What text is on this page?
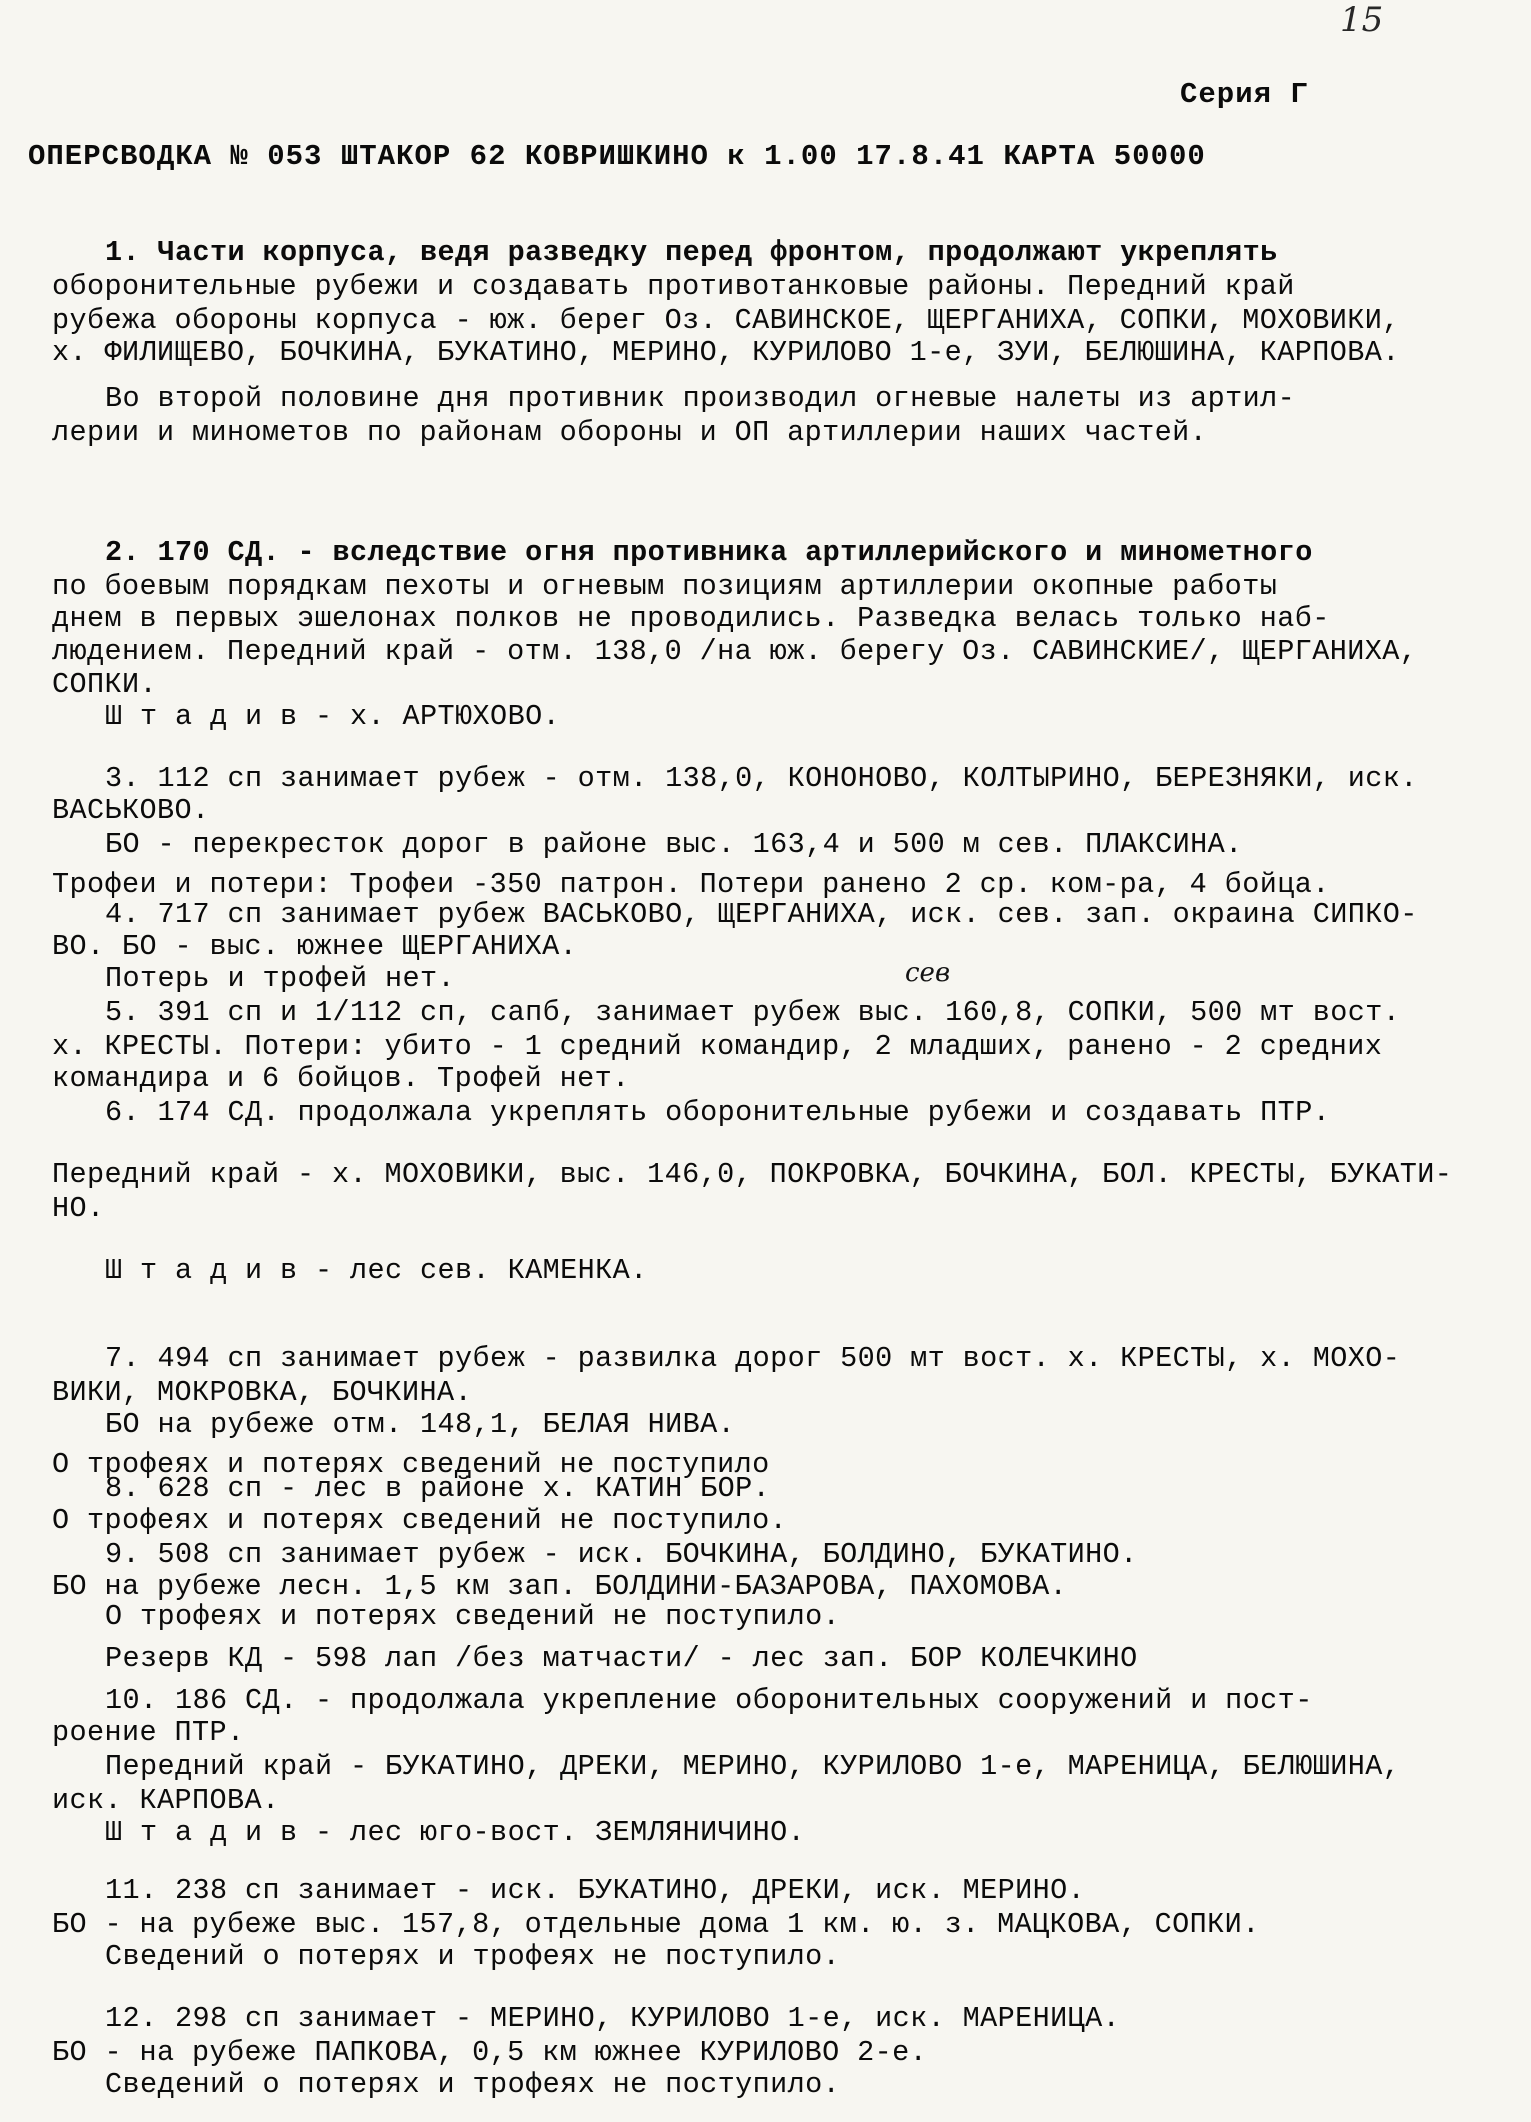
15
Серия Г
ОПЕРСВОДКА № 053 ШТАКОР 62 КОВРИШКИНО к 1.00 17.8.41 КАРТА 50000
сев
1. Части корпуса, ведя разведку перед фронтом, продолжают укреплять
оборонительные рубежи и создавать противотанковые районы. Передний край
рубежа обороны корпуса - юж. берег Оз. САВИНСКОЕ, ЩЕРГАНИХА, СОПКИ, МОХОВИКИ,
х. ФИЛИЩЕВО, БОЧКИНА, БУКАТИНО, МЕРИНО, КУРИЛОВО 1-е, ЗУИ, БЕЛЮШИНА, КАРПОВА.
Во второй половине дня противник производил огневые налеты из артил-
лерии и минометов по районам обороны и ОП артиллерии наших частей.
2. 170 СД. - вследствие огня противника артиллерийского и минометного
по боевым порядкам пехоты и огневым позициям артиллерии окопные работы
днем в первых эшелонах полков не проводились. Разведка велась только наб-
людением. Передний край - отм. 138,0 /на юж. берегу Оз. САВИНСКИЕ/, ЩЕРГАНИХА,
СОПКИ.
Ш т а д и в - х. АРТЮХОВО.
3. 112 сп занимает рубеж - отм. 138,0, КОНОНОВО, КОЛТЫРИНО, БЕРЕЗНЯКИ, иск.
ВАСЬКОВО.
БО - перекресток дорог в районе выс. 163,4 и 500 м сев. ПЛАКСИНА.
Трофеи и потери: Трофеи -350 патрон. Потери ранено 2 ср. ком-ра, 4 бойца.
4. 717 сп занимает рубеж ВАСЬКОВО, ЩЕРГАНИХА, иск. сев. зап. окраина СИПКО-
ВО. БО - выс. южнее ЩЕРГАНИХА.
Потерь и трофей нет.
5. 391 сп и 1/112 сп, сапб, занимает рубеж выс. 160,8, СОПКИ, 500 мт вост.
х. КРЕСТЫ. Потери: убито - 1 средний командир, 2 младших, ранено - 2 средних
командира и 6 бойцов. Трофей нет.
6. 174 СД. продолжала укреплять оборонительные рубежи и создавать ПТР.
Передний край - х. МОХОВИКИ, выс. 146,0, ПОКРОВКА, БОЧКИНА, БОЛ. КРЕСТЫ, БУКАТИ-
НО.
Ш т а д и в - лес сев. КАМЕНКА.
7. 494 сп занимает рубеж - развилка дорог 500 мт вост. х. КРЕСТЫ, х. МОХО-
ВИКИ, МОКРОВКА, БОЧКИНА.
БО на рубеже отм. 148,1, БЕЛАЯ НИВА.
О трофеях и потерях сведений не поступило
8. 628 сп - лес в районе х. КАТИН БОР.
О трофеях и потерях сведений не поступило.
9. 508 сп занимает рубеж - иск. БОЧКИНА, БОЛДИНО, БУКАТИНО.
БО на рубеже лесн. 1,5 км зап. БОЛДИНИ-БАЗАРОВА, ПАХОМОВА.
О трофеях и потерях сведений не поступило.
Резерв КД - 598 лап /без матчасти/ - лес зап. БОР КОЛЕЧКИНО
10. 186 СД. - продолжала укрепление оборонительных сооружений и пост-
роение ПТР.
Передний край - БУКАТИНО, ДРЕКИ, МЕРИНО, КУРИЛОВО 1-е, МАРЕНИЦА, БЕЛЮШИНА,
иск. КАРПОВА.
Ш т а д и в - лес юго-вост. ЗЕМЛЯНИЧИНО.
11. 238 сп занимает - иск. БУКАТИНО, ДРЕКИ, иск. МЕРИНО.
БО - на рубеже выс. 157,8, отдельные дома 1 км. ю. з. МАЦКОВА, СОПКИ.
Сведений о потерях и трофеях не поступило.
12. 298 сп занимает - МЕРИНО, КУРИЛОВО 1-е, иск. МАРЕНИЦА.
БО - на рубеже ПАПКОВА, 0,5 км южнее КУРИЛОВО 2-е.
Сведений о потерях и трофеях не поступило.
